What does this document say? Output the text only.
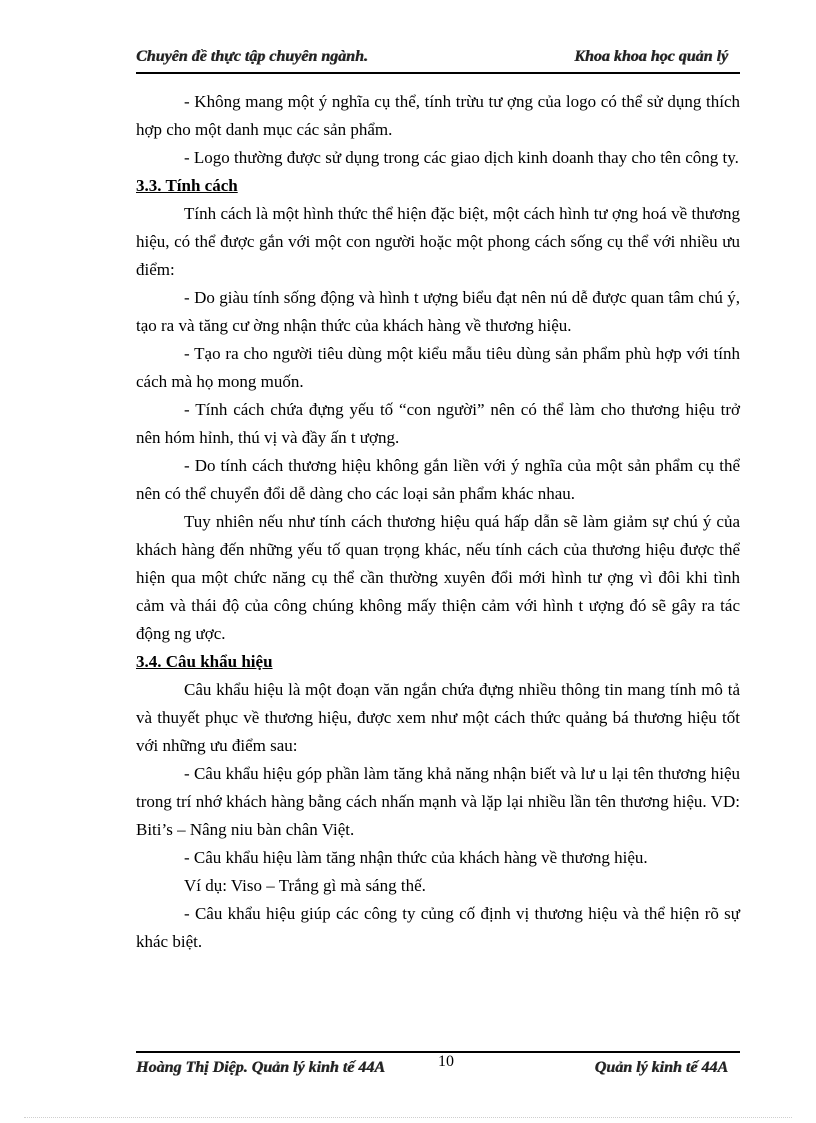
Chuyên đề thực tập chuyên ngành.	Khoa khoa học quản lý

- Không mang một ý nghĩa cụ thể, tính trừu tư ợng của logo có thể sử dụng thích hợp cho một danh mục các sản phẩm.

- Logo thường được sử dụng trong các giao dịch kinh doanh thay cho tên công ty.

3.3. Tính cách

Tính cách là một hình thức thể hiện đặc biệt, một cách hình tư ợng hoá về thương hiệu, có thể được gắn với một con người hoặc một phong cách sống cụ thể với nhiều ưu điểm:

- Do giàu tính sống động và hình t ượng biểu đạt nên nú dễ được quan tâm chú ý, tạo ra và tăng cư ờng nhận thức của khách hàng về thương hiệu.

- Tạo ra cho người tiêu dùng một kiểu mẫu tiêu dùng sản phẩm phù hợp với tính cách mà họ mong muốn.

- Tính cách chứa đựng yếu tố “con người” nên có thể làm cho thương hiệu trở nên hóm hỉnh, thú vị và đầy ấn t ượng.

- Do tính cách thương hiệu không gắn liền với ý nghĩa của một sản phẩm cụ thể nên có thể chuyển đổi dễ dàng cho các loại sản phẩm khác nhau.

Tuy nhiên nếu như tính cách thương hiệu quá hấp dẫn sẽ làm giảm sự chú ý của khách hàng đến những yếu tố quan trọng khác, nếu tính cách của thương hiệu được thể hiện qua một chức năng cụ thể cần thường xuyên đổi mới hình tư ợng vì đôi khi tình cảm và thái độ của công chúng không mấy thiện cảm với hình t ượng đó sẽ gây ra tác động ng ược.

3.4. Câu khẩu hiệu

Câu khẩu hiệu là một đoạn văn ngắn chứa đựng nhiều thông tin mang tính mô tả và thuyết phục về thương hiệu, được xem như một cách thức quảng bá thương hiệu tốt với những ưu điểm sau:

- Câu khẩu hiệu góp phần làm tăng khả năng nhận biết và lư u lại tên thương hiệu trong trí nhớ khách hàng bằng cách nhấn mạnh và lặp lại nhiều lần tên thương hiệu. VD: Biti’s – Nâng niu bàn chân Việt.

- Câu khẩu hiệu làm tăng nhận thức của khách hàng về thương hiệu.

Ví dụ: Viso – Trắng gì mà sáng thế.

- Câu khẩu hiệu giúp các công ty củng cố định vị thương hiệu và thể hiện rõ sự khác biệt.

Hoàng Thị Diệp. Quản lý kinh tế 44A	10	Quản lý kinh tế 44A
